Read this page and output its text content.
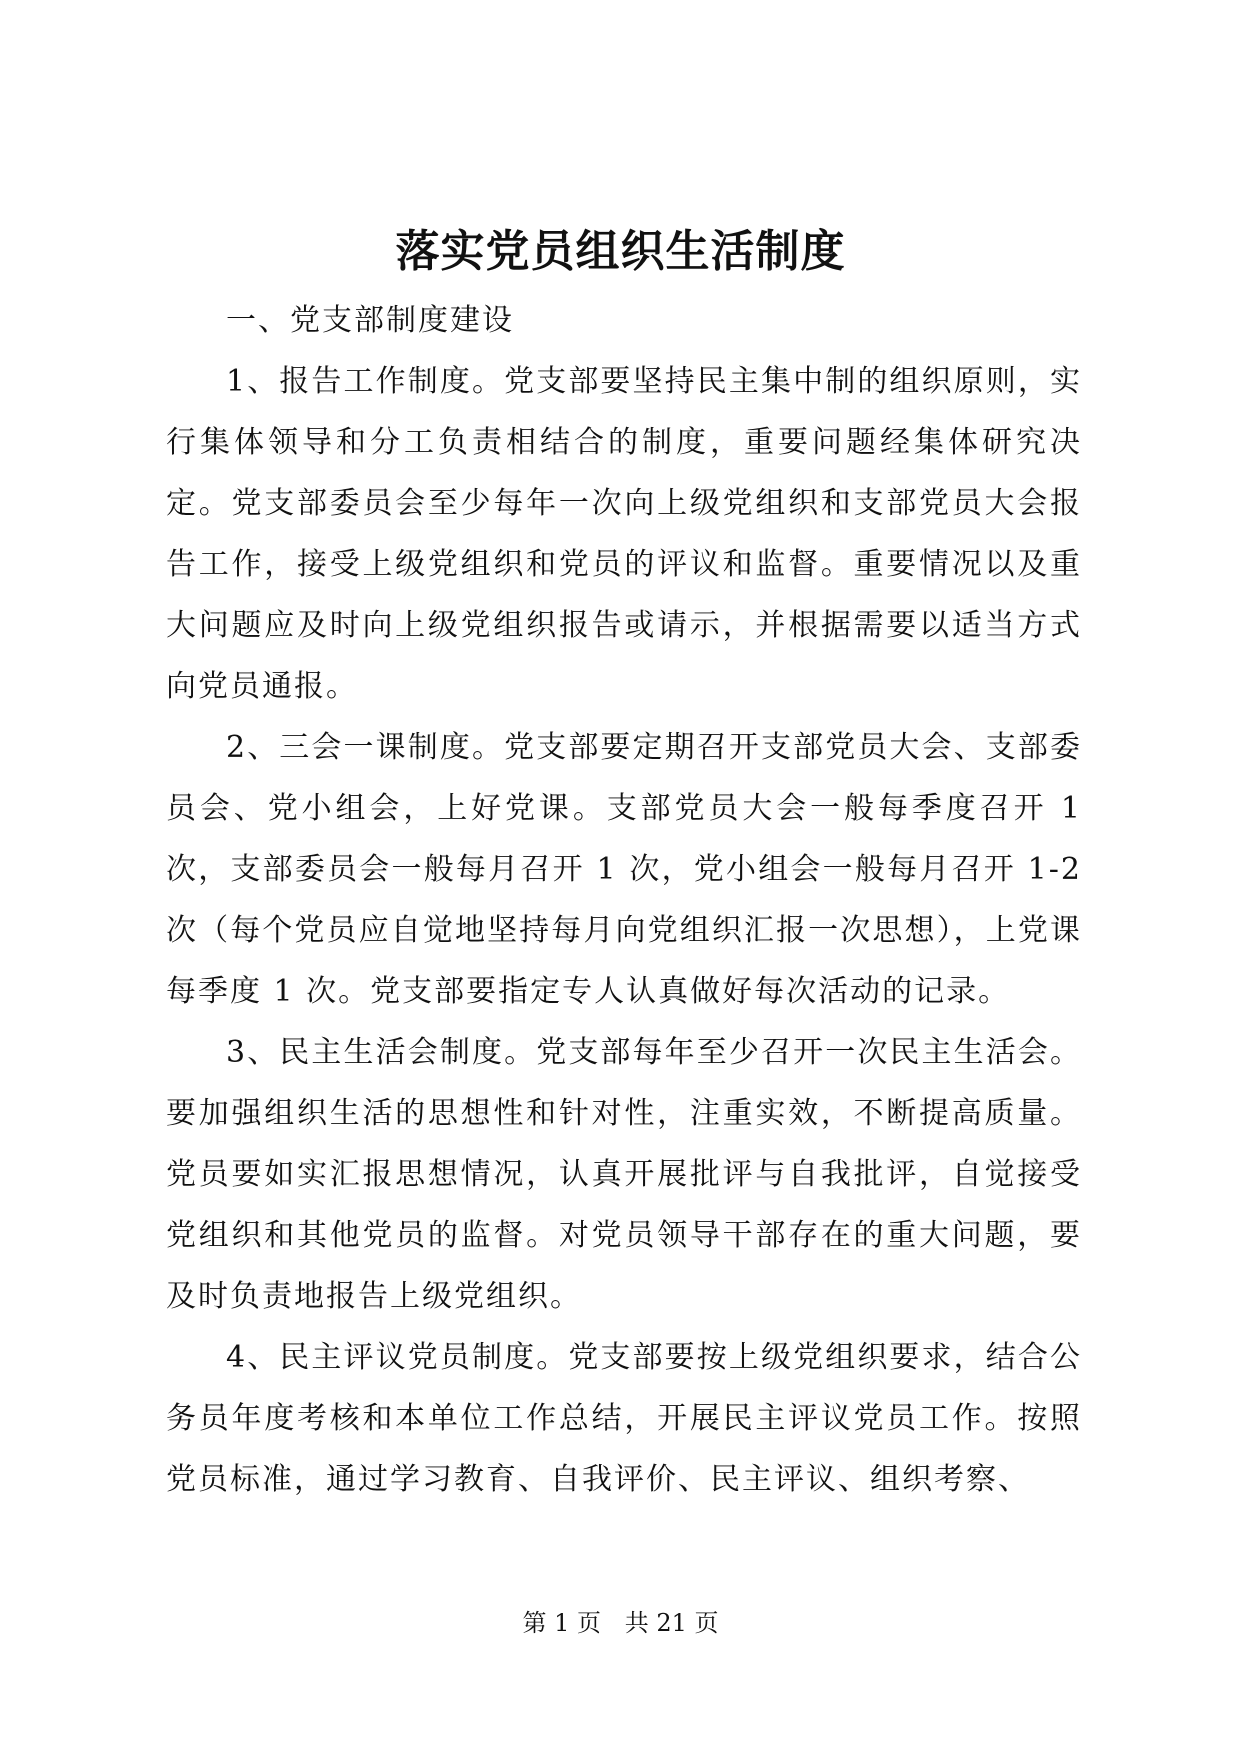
落实党员组织生活制度

一、党支部制度建设

1、报告工作制度。党支部要坚持民主集中制的组织原则，实行集体领导和分工负责相结合的制度，重要问题经集体研究决定。党支部委员会至少每年一次向上级党组织和支部党员大会报告工作，接受上级党组织和党员的评议和监督。重要情况以及重大问题应及时向上级党组织报告或请示，并根据需要以适当方式向党员通报。

2、三会一课制度。党支部要定期召开支部党员大会、支部委员会、党小组会，上好党课。支部党员大会一般每季度召开 1 次，支部委员会一般每月召开 1 次，党小组会一般每月召开 1-2 次（每个党员应自觉地坚持每月向党组织汇报一次思想），上党课每季度 1 次。党支部要指定专人认真做好每次活动的记录。

3、民主生活会制度。党支部每年至少召开一次民主生活会。要加强组织生活的思想性和针对性，注重实效，不断提高质量。党员要如实汇报思想情况，认真开展批评与自我批评，自觉接受党组织和其他党员的监督。对党员领导干部存在的重大问题，要及时负责地报告上级党组织。

4、民主评议党员制度。党支部要按上级党组织要求，结合公务员年度考核和本单位工作总结，开展民主评议党员工作。按照党员标准，通过学习教育、自我评价、民主评议、组织考察、

第 1 页 共 21 页
